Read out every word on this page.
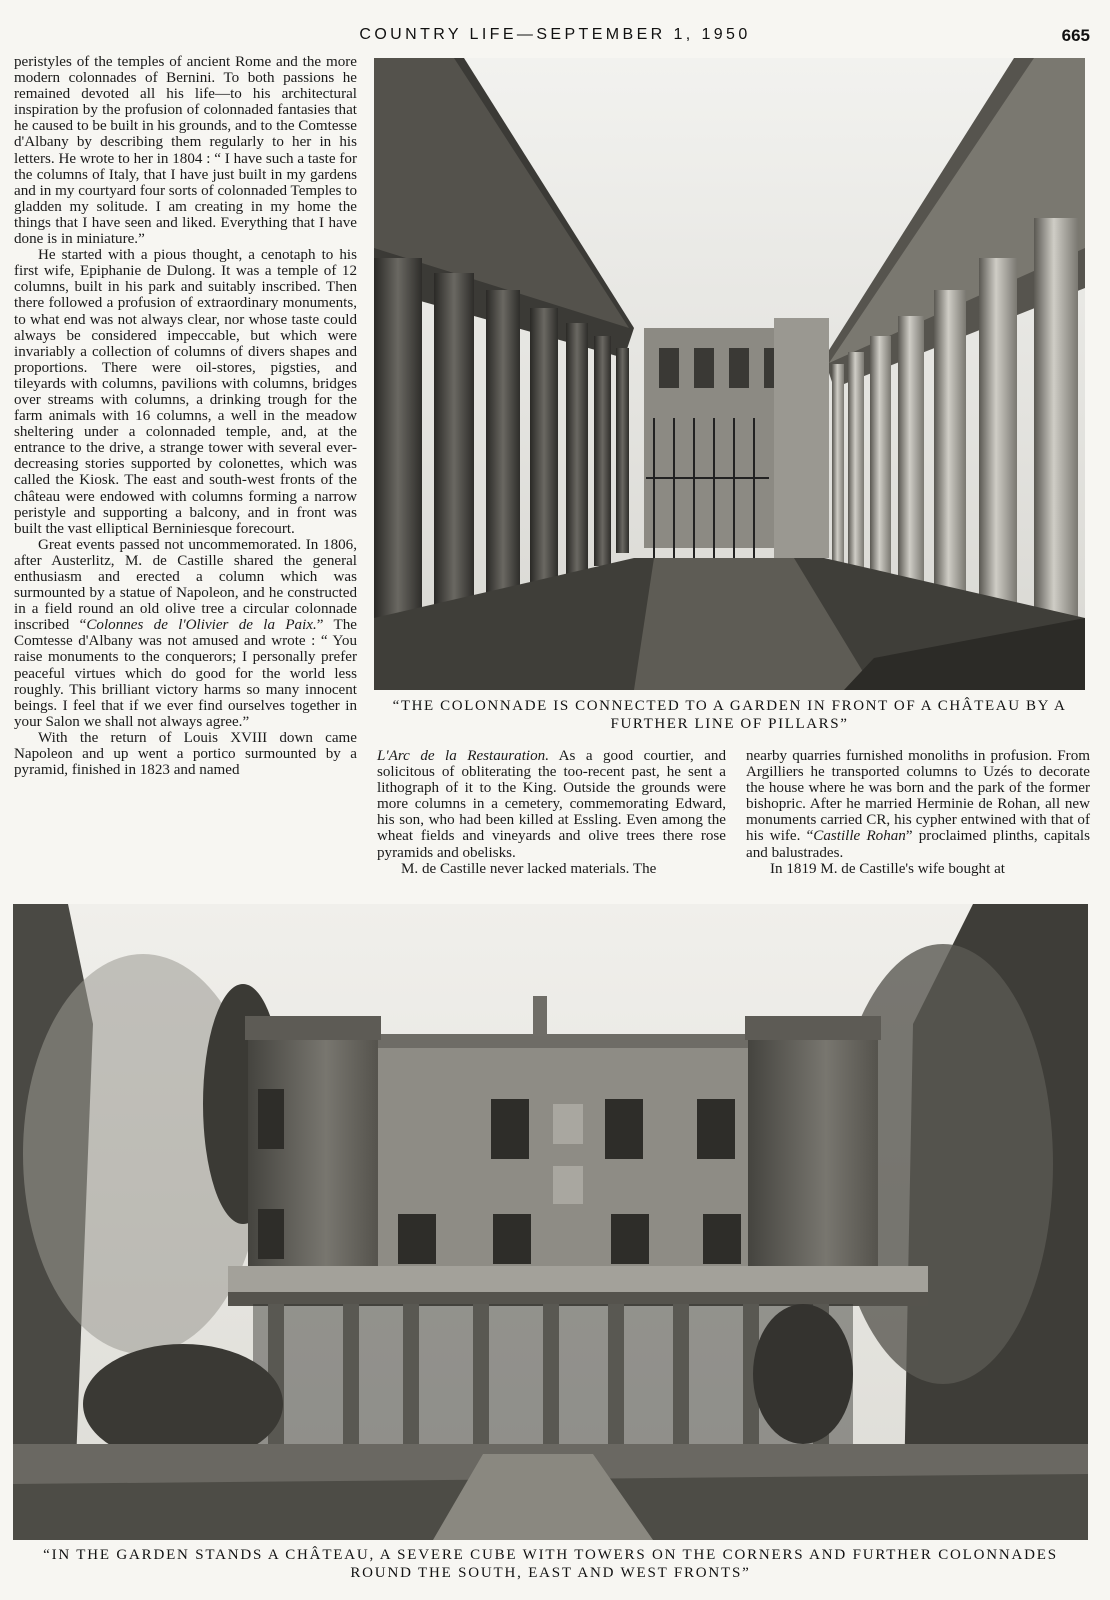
COUNTRY LIFE—SEPTEMBER 1, 1950	665

peristyles of the temples of ancient Rome and the more modern colonnades of Bernini. To both passions he remained devoted all his life—to his architectural inspiration by the profusion of colonnaded fantasies that he caused to be built in his grounds, and to the Comtesse d'Albany by describing them regularly to her in his letters. He wrote to her in 1804 : “ I have such a taste for the columns of Italy, that I have just built in my gardens and in my courtyard four sorts of colonnaded Temples to gladden my solitude. I am creating in my home the things that I have seen and liked. Everything that I have done is in miniature.”

He started with a pious thought, a cenotaph to his first wife, Epiphanie de Dulong. It was a temple of 12 columns, built in his park and suitably inscribed. Then there followed a profusion of extraordinary monuments, to what end was not always clear, nor whose taste could always be considered impeccable, but which were invariably a collection of columns of divers shapes and proportions. There were oil-stores, pigsties, and tileyards with columns, pavilions with columns, bridges over streams with columns, a drinking trough for the farm animals with 16 columns, a well in the meadow sheltering under a colonnaded temple, and, at the entrance to the drive, a strange tower with several ever-decreasing stories supported by colonettes, which was called the Kiosk. The east and south-west fronts of the château were endowed with columns forming a narrow peristyle and supporting a balcony, and in front was built the vast elliptical Berniniesque forecourt.

Great events passed not uncommemorated. In 1806, after Austerlitz, M. de Castille shared the general enthusiasm and erected a column which was surmounted by a statue of Napoleon, and he constructed in a field round an old olive tree a circular colonnade inscribed “Colonnes de l'Olivier de la Paix.” The Comtesse d'Albany was not amused and wrote : “ You raise monuments to the conquerors; I personally prefer peaceful virtues which do good for the world less roughly. This brilliant victory harms so many innocent beings. I feel that if we ever find ourselves together in your Salon we shall not always agree.”

With the return of Louis XVIII down came Napoleon and up went a portico surmounted by a pyramid, finished in 1823 and named

“THE COLONNADE IS CONNECTED TO A GARDEN IN FRONT OF A CHÂTEAU BY A FURTHER LINE OF PILLARS”

L'Arc de la Restauration. As a good courtier, and solicitous of obliterating the too-recent past, he sent a lithograph of it to the King. Outside the grounds were more columns in a cemetery, commemorating Edward, his son, who had been killed at Essling. Even among the wheat fields and vineyards and olive trees there rose pyramids and obelisks.

M. de Castille never lacked materials. The

nearby quarries furnished monoliths in profusion. From Argilliers he transported columns to Uzés to decorate the house where he was born and the park of the former bishopric. After he married Herminie de Rohan, all new monuments carried CR, his cypher entwined with that of his wife. “Castille Rohan” proclaimed plinths, capitals and balustrades.

In 1819 M. de Castille's wife bought at

“IN THE GARDEN STANDS A CHÂTEAU, A SEVERE CUBE WITH TOWERS ON THE CORNERS AND FURTHER COLONNADES ROUND THE SOUTH, EAST AND WEST FRONTS”
